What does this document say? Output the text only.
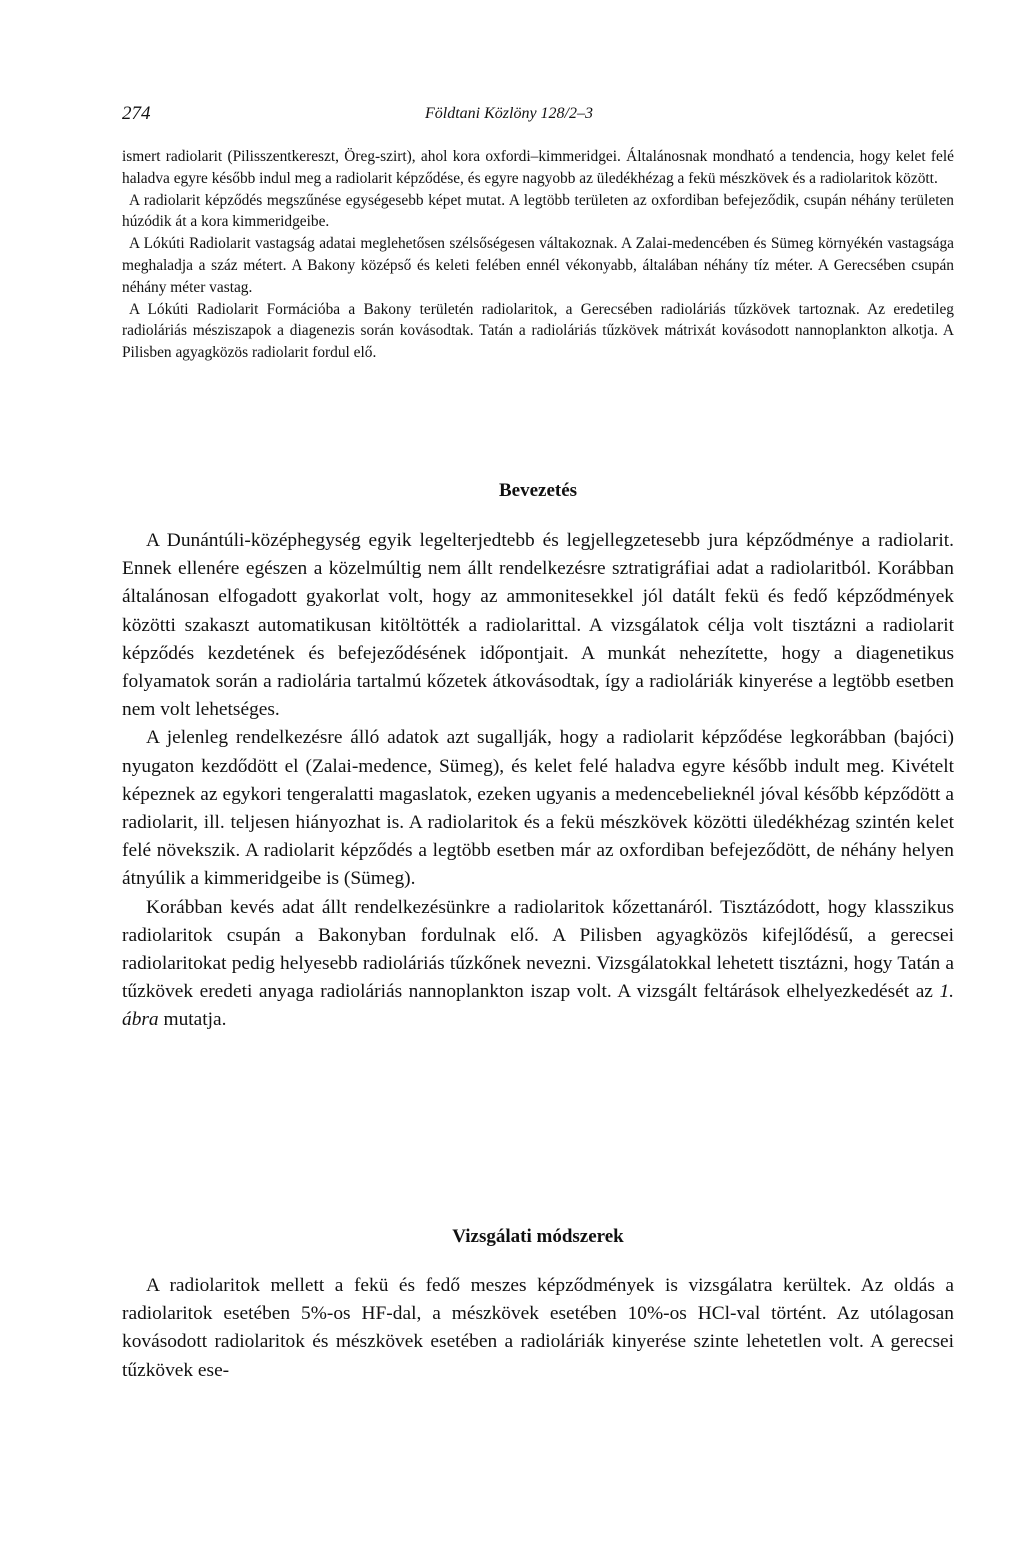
274	Földtani Közlöny 128/2–3

ismert radiolarit (Pilisszentkereszt, Öreg-szirt), ahol kora oxfordi–kimmeridgei. Általánosnak mondható a tendencia, hogy kelet felé haladva egyre később indul meg a radiolarit képződése, és egyre nagyobb az üledékhézag a fekü mészkövek és a radiolaritok között.

A radiolarit képződés megszűnése egységesebb képet mutat. A legtöbb területen az oxfordiban befejeződik, csupán néhány területen húzódik át a kora kimmeridgeibe.

A Lókúti Radiolarit vastagság adatai meglehetősen szélsőségesen váltakoznak. A Zalai-medencében és Sümeg környékén vastagsága meghaladja a száz métert. A Bakony középső és keleti felében ennél vékonyabb, általában néhány tíz méter. A Gerecsében csupán néhány méter vastag.

A Lókúti Radiolarit Formációba a Bakony területén radiolaritok, a Gerecsében radioláriás tűzkövek tartoznak. Az eredetileg radioláriás mésziszapok a diagenezis során kovásodtak. Tatán a radioláriás tűzkövek mátrixát kovásodott nannoplankton alkotja. A Pilisben agyagközös radiolarit fordul elő.

Bevezetés

A Dunántúli-középhegység egyik legelterjedtebb és legjellegzetesebb jura képződménye a radiolarit. Ennek ellenére egészen a közelmúltig nem állt rendelkezésre sztratigráfiai adat a radiolaritból. Korábban általánosan elfogadott gyakorlat volt, hogy az ammonitesekkel jól datált fekü és fedő képződmények közötti szakaszt automatikusan kitöltötték a radiolarittal. A vizsgálatok célja volt tisztázni a radiolarit képződés kezdetének és befejeződésének időpontjait. A munkát nehezítette, hogy a diagenetikus folyamatok során a radiolária tartalmú kőzetek átkovásodtak, így a radioláriák kinyerése a legtöbb esetben nem volt lehetséges.

A jelenleg rendelkezésre álló adatok azt sugallják, hogy a radiolarit képződése legkorábban (bajóci) nyugaton kezdődött el (Zalai-medence, Sümeg), és kelet felé haladva egyre később indult meg. Kivételt képeznek az egykori tengeralatti magaslatok, ezeken ugyanis a medencebelieknél jóval később képződött a radiolarit, ill. teljesen hiányozhat is. A radiolaritok és a fekü mészkövek közötti üledékhézag szintén kelet felé növekszik. A radiolarit képződés a legtöbb esetben már az oxfordiban befejeződött, de néhány helyen átnyúlik a kimmeridgeibe is (Sümeg).

Korábban kevés adat állt rendelkezésünkre a radiolaritok kőzettanáról. Tisztázódott, hogy klasszikus radiolaritok csupán a Bakonyban fordulnak elő. A Pilisben agyagközös kifejlődésű, a gerecsei radiolaritokat pedig helyesebb radioláriás tűzkőnek nevezni. Vizsgálatokkal lehetett tisztázni, hogy Tatán a tűzkövek eredeti anyaga radioláriás nannoplankton iszap volt. A vizsgált feltárások elhelyezkedését az 1. ábra mutatja.

Vizsgálati módszerek

A radiolaritok mellett a fekü és fedő meszes képződmények is vizsgálatra kerültek. Az oldás a radiolaritok esetében 5%-os HF-dal, a mészkövek esetében 10%-os HCl-val történt. Az utólagosan kovásodott radiolaritok és mészkövek esetében a radioláriák kinyerése szinte lehetetlen volt. A gerecsei tűzkövek ese-
